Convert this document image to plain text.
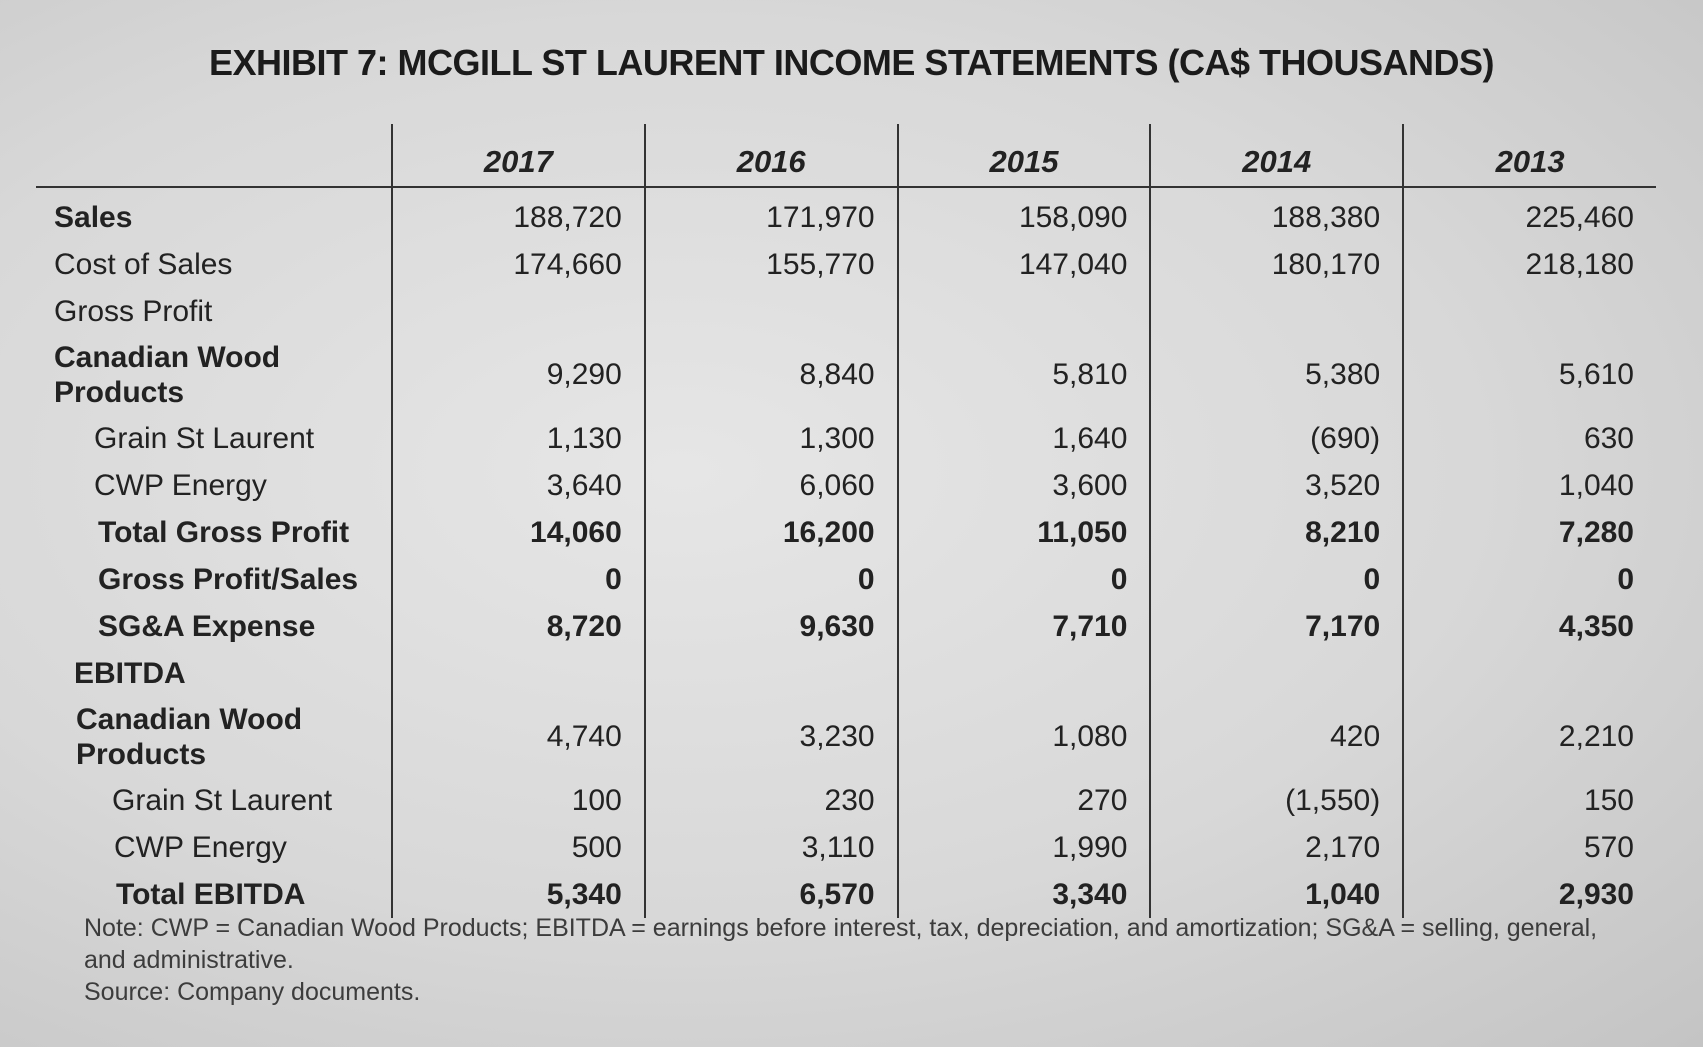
EXHIBIT 7: MCGILL ST LAURENT INCOME STATEMENTS (CA$ THOUSANDS)
	2017	2016	2015	2014	2013
Sales	188,720	171,970	158,090	188,380	225,460
Cost of Sales	174,660	155,770	147,040	180,170	218,180
Gross Profit					
Canadian Wood Products	9,290	8,840	5,810	5,380	5,610
Grain St Laurent	1,130	1,300	1,640	(690)	630
CWP Energy	3,640	6,060	3,600	3,520	1,040
Total Gross Profit	14,060	16,200	11,050	8,210	7,280
Gross Profit/Sales	0	0	0	0	0
SG&A Expense	8,720	9,630	7,710	7,170	4,350
EBITDA					
Canadian Wood Products	4,740	3,230	1,080	420	2,210
Grain St Laurent	100	230	270	(1,550)	150
CWP Energy	500	3,110	1,990	2,170	570
Total EBITDA	5,340	6,570	3,340	1,040	2,930
Note: CWP = Canadian Wood Products; EBITDA = earnings before interest, tax, depreciation, and amortization; SG&A = selling, general, and administrative.
Source: Company documents.
